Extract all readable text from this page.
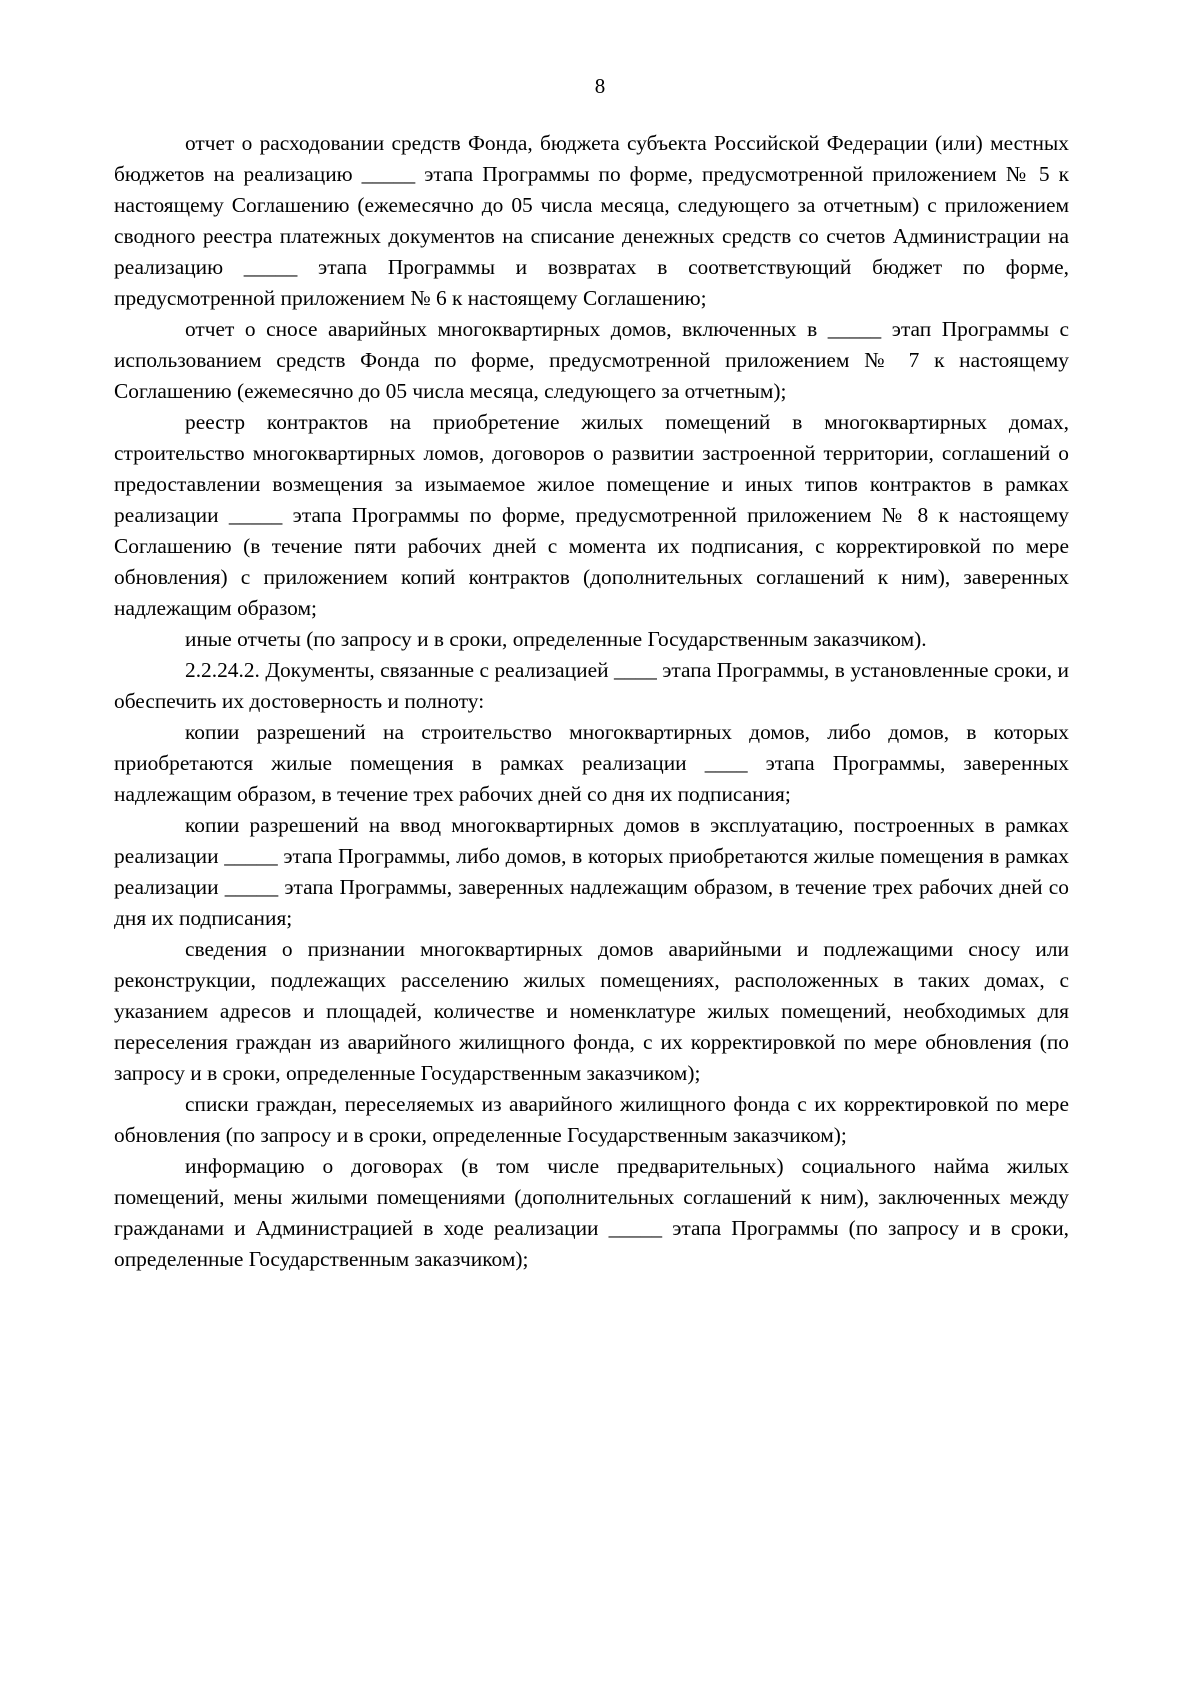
8

отчет о расходовании средств Фонда, бюджета субъекта Российской Федерации (или) местных бюджетов на реализацию _____ этапа Программы по форме, предусмотренной приложением № 5 к настоящему Соглашению (ежемесячно до 05 числа месяца, следующего за отчетным) с приложением сводного реестра платежных документов на списание денежных средств со счетов Администрации на реализацию _____ этапа Программы и возвратах в соответствующий бюджет по форме, предусмотренной приложением № 6 к настоящему Соглашению;

отчет о сносе аварийных многоквартирных домов, включенных в _____ этап Программы с использованием средств Фонда по форме, предусмотренной приложением № 7 к настоящему Соглашению (ежемесячно до 05 числа месяца, следующего за отчетным);

реестр контрактов на приобретение жилых помещений в многоквартирных домах, строительство многоквартирных ломов, договоров о развитии застроенной территории, соглашений о предоставлении возмещения за изымаемое жилое помещение и иных типов контрактов в рамках реализации _____ этапа Программы по форме, предусмотренной приложением № 8 к настоящему Соглашению (в течение пяти рабочих дней с момента их подписания, с корректировкой по мере обновления) с приложением копий контрактов (дополнительных соглашений к ним), заверенных надлежащим образом;

иные отчеты (по запросу и в сроки, определенные Государственным заказчиком).

2.2.24.2. Документы, связанные с реализацией ____ этапа Программы, в установленные сроки, и обеспечить их достоверность и полноту:

копии разрешений на строительство многоквартирных домов, либо домов, в которых приобретаются жилые помещения в рамках реализации ____ этапа Программы, заверенных надлежащим образом, в течение трех рабочих дней со дня их подписания;

копии разрешений на ввод многоквартирных домов в эксплуатацию, построенных в рамках реализации _____ этапа Программы, либо домов, в которых приобретаются жилые помещения в рамках реализации _____ этапа Программы, заверенных надлежащим образом, в течение трех рабочих дней со дня их подписания;

сведения о признании многоквартирных домов аварийными и подлежащими сносу или реконструкции, подлежащих расселению жилых помещениях, расположенных в таких домах, с указанием адресов и площадей, количестве и номенклатуре жилых помещений, необходимых для переселения граждан из аварийного жилищного фонда, с их корректировкой по мере обновления (по запросу и в сроки, определенные Государственным заказчиком);

списки граждан, переселяемых из аварийного жилищного фонда с их корректировкой по мере обновления (по запросу и в сроки, определенные Государственным заказчиком);

информацию о договорах (в том числе предварительных) социального найма жилых помещений, мены жилыми помещениями (дополнительных соглашений к ним), заключенных между гражданами и Администрацией в ходе реализации _____ этапа Программы (по запросу и в сроки, определенные Государственным заказчиком);
